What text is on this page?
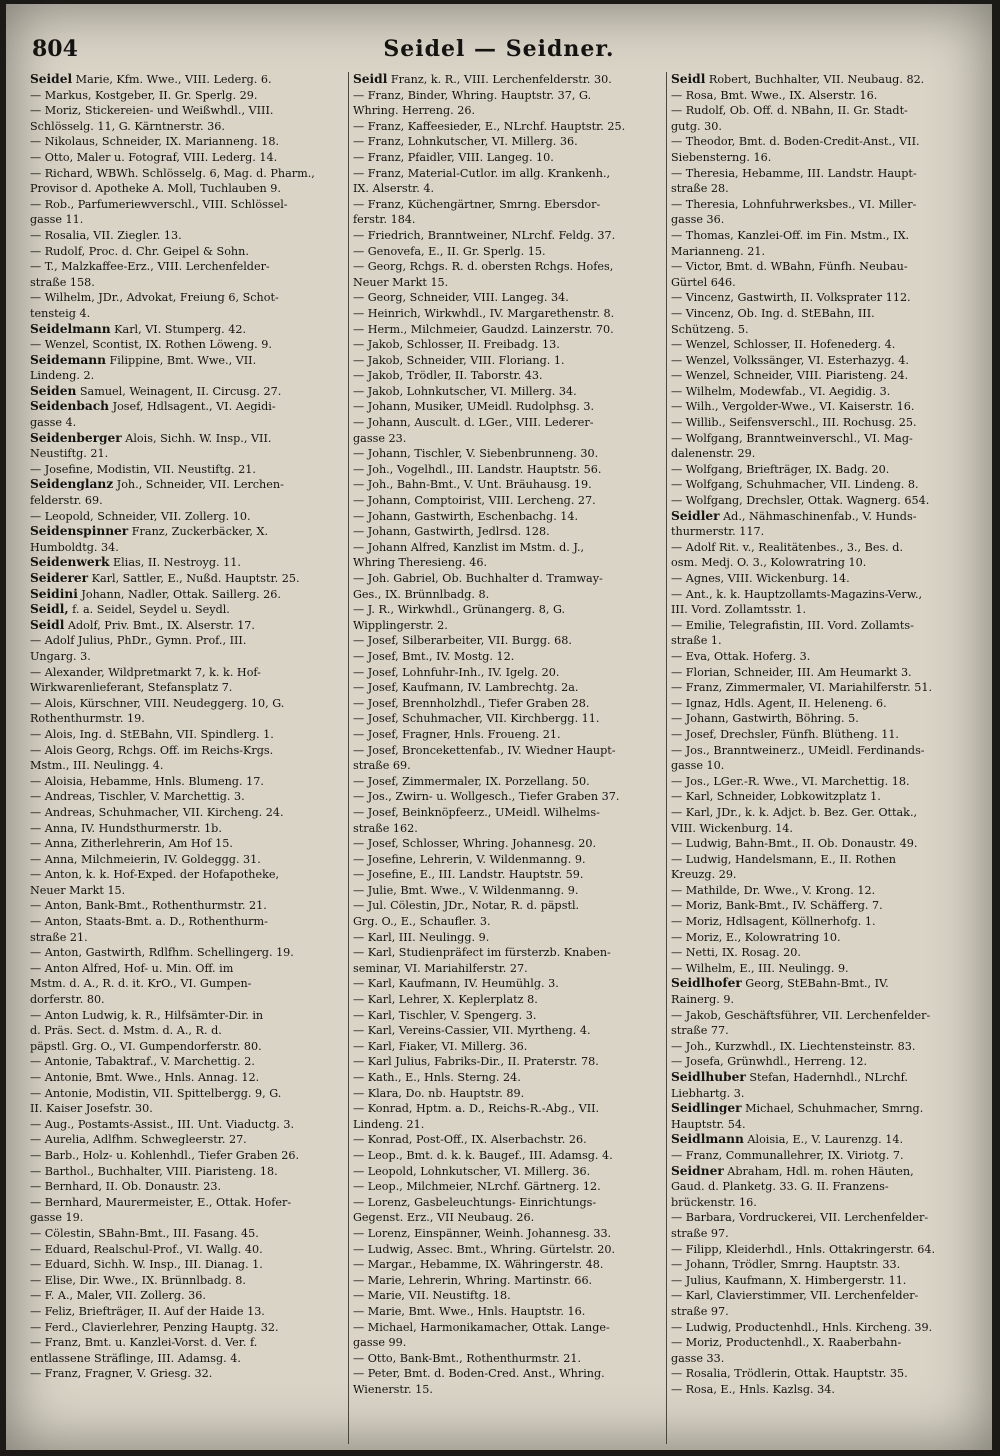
804	Seidel — Seidner.
Seidel Marie, Kfm. Wwe., VIII. Lederg. 6.
— Markus, Kostgeber, II. Gr. Sperlg. 29.
— Moriz, Stickereien- und Weißwhdl., VIII.
Schlösselg. 11, G. Kärntnerstr. 36.
— Nikolaus, Schneider, IX. Marianneng. 18.
— Otto, Maler u. Fotograf, VIII. Lederg. 14.
— Richard, WBWh. Schlösselg. 6, Mag. d. Pharm.,
Provisor d. Apotheke A. Moll, Tuchlauben 9.
— Rob., Parfumeriewverschl., VIII. Schlössel-
gasse 11.
— Rosalia, VII. Ziegler. 13.
— Rudolf, Proc. d. Chr. Geipel & Sohn.
— T., Malzkaffee-Erz., VIII. Lerchenfelder-
straße 158.
— Wilhelm, JDr., Advokat, Freiung 6, Schot-
tensteig 4.
Seidelmann Karl, VI. Stumperg. 42.
— Wenzel, Scontist, IX. Rothen Löweng. 9.
Seidemann Filippine, Bmt. Wwe., VII.
Lindeng. 2.
Seiden Samuel, Weinagent, II. Circusg. 27.
Seidenbach Josef, Hdlsagent., VI. Aegidi-
gasse 4.
Seidenberger Alois, Sichh. W. Insp., VII.
Neustiftg. 21.
— Josefine, Modistin, VII. Neustiftg. 21.
Seidenglanz Joh., Schneider, VII. Lerchen-
felderstr. 69.
— Leopold, Schneider, VII. Zollerg. 10.
Seidenspinner Franz, Zuckerbäcker, X.
Humboldtg. 34.
Seidenwerk Elias, II. Nestroyg. 11.
Seiderer Karl, Sattler, E., Nußd. Hauptstr. 25.
Seidini Johann, Nadler, Ottak. Saillerg. 26.
Seidl, f. a. Seidel, Seydel u. Seydl.
Seidl Adolf, Priv. Bmt., IX. Alserstr. 17.
— Adolf Julius, PhDr., Gymn. Prof., III.
Ungarg. 3.
— Alexander, Wildpretmarkt 7, k. k. Hof-
Wirkwarenlieferant, Stefansplatz 7.
— Alois, Kürschner, VIII. Neudeggerg. 10, G.
Rothenthurmstr. 19.
— Alois, Ing. d. StEBahn, VII. Spindlerg. 1.
— Alois Georg, Rchgs. Off. im Reichs-Krgs.
Mstm., III. Neulingg. 4.
— Aloisia, Hebamme, Hnls. Blumeng. 17.
— Andreas, Tischler, V. Marchettig. 3.
— Andreas, Schuhmacher, VII. Kircheng. 24.
— Anna, IV. Hundsthurmerstr. 1b.
— Anna, Zitherlehrerin, Am Hof 15.
— Anna, Milchmeierin, IV. Goldeggg. 31.
— Anton, k. k. Hof-Exped. der Hofapotheke,
Neuer Markt 15.
— Anton, Bank-Bmt., Rothenthurmstr. 21.
— Anton, Staats-Bmt. a. D., Rothenthurm-
straße 21.
— Anton, Gastwirth, Rdlfhm. Schellingerg. 19.
— Anton Alfred, Hof- u. Min. Off. im
Mstm. d. A., R. d. it. KrO., VI. Gumpen-
dorferstr. 80.
— Anton Ludwig, k. R., Hilfsämter-Dir. in
d. Präs. Sect. d. Mstm. d. A., R. d.
päpstl. Grg. O., VI. Gumpendorferstr. 80.
— Antonie, Tabaktraf., V. Marchettig. 2.
— Antonie, Bmt. Wwe., Hnls. Annag. 12.
— Antonie, Modistin, VII. Spittelbergg. 9, G.
II. Kaiser Josefstr. 30.
— Aug., Postamts-Assist., III. Unt. Viaductg. 3.
— Aurelia, Adlfhm. Schwegleerstr. 27.
— Barb., Holz- u. Kohlenhdl., Tiefer Graben 26.
— Barthol., Buchhalter, VIII. Piaristeng. 18.
— Bernhard, II. Ob. Donaustr. 23.
— Bernhard, Maurermeister, E., Ottak. Hofer-
gasse 19.
— Cölestin, SBahn-Bmt., III. Fasang. 45.
— Eduard, Realschul-Prof., VI. Wallg. 40.
— Eduard, Sichh. W. Insp., III. Dianag. 1.
— Elise, Dir. Wwe., IX. Brünnlbadg. 8.
— F. A., Maler, VII. Zollerg. 36.
— Feliz, Briefträger, II. Auf der Haide 13.
— Ferd., Clavierlehrer, Penzing Hauptg. 32.
— Franz, Bmt. u. Kanzlei-Vorst. d. Ver. f.
entlassene Sträflinge, III. Adamsg. 4.
— Franz, Fragner, V. Griesg. 32.
Seidl Franz, k. R., VIII. Lerchenfelderstr. 30.
— Franz, Binder, Whring. Hauptstr. 37, G.
Whring. Herreng. 26.
— Franz, Kaffeesieder, E., NLrchf. Hauptstr. 25.
— Franz, Lohnkutscher, VI. Millerg. 36.
— Franz, Pfaidler, VIII. Langeg. 10.
— Franz, Material-Cutlor. im allg. Krankenh.,
IX. Alserstr. 4.
— Franz, Küchengärtner, Smrng. Ebersdor-
ferstr. 184.
— Friedrich, Branntweiner, NLrchf. Feldg. 37.
— Genovefa, E., II. Gr. Sperlg. 15.
— Georg, Rchgs. R. d. obersten Rchgs. Hofes,
Neuer Markt 15.
— Georg, Schneider, VIII. Langeg. 34.
— Heinrich, Wirkwhdl., IV. Margarethenstr. 8.
— Herm., Milchmeier, Gaudzd. Lainzerstr. 70.
— Jakob, Schlosser, II. Freibadg. 13.
— Jakob, Schneider, VIII. Floriang. 1.
— Jakob, Trödler, II. Taborstr. 43.
— Jakob, Lohnkutscher, VI. Millerg. 34.
— Johann, Musiker, UMeidl. Rudolphsg. 3.
— Johann, Auscult. d. LGer., VIII. Lederer-
gasse 23.
— Johann, Tischler, V. Siebenbrunneng. 30.
— Joh., Vogelhdl., III. Landstr. Hauptstr. 56.
— Joh., Bahn-Bmt., V. Unt. Bräuhausg. 19.
— Johann, Comptoirist, VIII. Lercheng. 27.
— Johann, Gastwirth, Eschenbachg. 14.
— Johann, Gastwirth, Jedlrsd. 128.
— Johann Alfred, Kanzlist im Mstm. d. J.,
Whring Theresieng. 46.
— Joh. Gabriel, Ob. Buchhalter d. Tramway-
Ges., IX. Brünnlbadg. 8.
— J. R., Wirkwhdl., Grünangerg. 8, G.
Wipplingerstr. 2.
— Josef, Silberarbeiter, VII. Burgg. 68.
— Josef, Bmt., IV. Mostg. 12.
— Josef, Lohnfuhr-Inh., IV. Igelg. 20.
— Josef, Kaufmann, IV. Lambrechtg. 2a.
— Josef, Brennholzhdl., Tiefer Graben 28.
— Josef, Schuhmacher, VII. Kirchbergg. 11.
— Josef, Fragner, Hnls. Froueng. 21.
— Josef, Broncekettenfab., IV. Wiedner Haupt-
straße 69.
— Josef, Zimmermaler, IX. Porzellang. 50.
— Jos., Zwirn- u. Wollgesch., Tiefer Graben 37.
— Josef, Beinknöpfeerz., UMeidl. Wilhelms-
straße 162.
— Josef, Schlosser, Whring. Johannesg. 20.
— Josefine, Lehrerin, V. Wildenmanng. 9.
— Josefine, E., III. Landstr. Hauptstr. 59.
— Julie, Bmt. Wwe., V. Wildenmanng. 9.
— Jul. Cölestin, JDr., Notar, R. d. päpstl.
Grg. O., E., Schaufler. 3.
— Karl, III. Neulingg. 9.
— Karl, Studienpräfect im fürsterzb. Knaben-
seminar, VI. Mariahilferstr. 27.
— Karl, Kaufmann, IV. Heumühlg. 3.
— Karl, Lehrer, X. Keplerplatz 8.
— Karl, Tischler, V. Spengerg. 3.
— Karl, Vereins-Cassier, VII. Myrtheng. 4.
— Karl, Fiaker, VI. Millerg. 36.
— Karl Julius, Fabriks-Dir., II. Praterstr. 78.
— Kath., E., Hnls. Sterng. 24.
— Klara, Do. nb. Hauptstr. 89.
— Konrad, Hptm. a. D., Reichs-R.-Abg., VII.
Lindeng. 21.
— Konrad, Post-Off., IX. Alserbachstr. 26.
— Leop., Bmt. d. k. k. Baugef., III. Adamsg. 4.
— Leopold, Lohnkutscher, VI. Millerg. 36.
— Leop., Milchmeier, NLrchf. Gärtnerg. 12.
— Lorenz, Gasbeleuchtungs- Einrichtungs-
Gegenst. Erz., VII Neubaug. 26.
— Lorenz, Einspänner, Weinh. Johannesg. 33.
— Ludwig, Assec. Bmt., Whring. Gürtelstr. 20.
— Margar., Hebamme, IX. Währingerstr. 48.
— Marie, Lehrerin, Whring. Martinstr. 66.
— Marie, VII. Neustiftg. 18.
— Marie, Bmt. Wwe., Hnls. Hauptstr. 16.
— Michael, Harmonikamacher, Ottak. Lange-
gasse 99.
— Otto, Bank-Bmt., Rothenthurmstr. 21.
— Peter, Bmt. d. Boden-Cred. Anst., Whring.
Wienerstr. 15.
Seidl Robert, Buchhalter, VII. Neubaug. 82.
— Rosa, Bmt. Wwe., IX. Alserstr. 16.
— Rudolf, Ob. Off. d. NBahn, II. Gr. Stadt-
gutg. 30.
— Theodor, Bmt. d. Boden-Credit-Anst., VII.
Siebensterng. 16.
— Theresia, Hebamme, III. Landstr. Haupt-
straße 28.
— Theresia, Lohnfuhrwerksbes., VI. Miller-
gasse 36.
— Thomas, Kanzlei-Off. im Fin. Mstm., IX.
Marianneng. 21.
— Victor, Bmt. d. WBahn, Fünfh. Neubau-
Gürtel 646.
— Vincenz, Gastwirth, II. Volksprater 112.
— Vincenz, Ob. Ing. d. StEBahn, III.
Schützeng. 5.
— Wenzel, Schlosser, II. Hofenederg. 4.
— Wenzel, Volkssänger, VI. Esterhazyg. 4.
— Wenzel, Schneider, VIII. Piaristeng. 24.
— Wilhelm, Modewfab., VI. Aegidig. 3.
— Wilh., Vergolder-Wwe., VI. Kaiserstr. 16.
— Willib., Seifensverschl., III. Rochusg. 25.
— Wolfgang, Branntweinverschl., VI. Mag-
dalenenstr. 29.
— Wolfgang, Briefträger, IX. Badg. 20.
— Wolfgang, Schuhmacher, VII. Lindeng. 8.
— Wolfgang, Drechsler, Ottak. Wagnerg. 654.
Seidler Ad., Nähmaschinenfab., V. Hunds-
thurmerstr. 117.
— Adolf Rit. v., Realitätenbes., 3., Bes. d.
osm. Medj. O. 3., Kolowratring 10.
— Agnes, VIII. Wickenburg. 14.
— Ant., k. k. Hauptzollamts-Magazins-Verw.,
III. Vord. Zollamtsstr. 1.
— Emilie, Telegrafistin, III. Vord. Zollamts-
straße 1.
— Eva, Ottak. Hoferg. 3.
— Florian, Schneider, III. Am Heumarkt 3.
— Franz, Zimmermaler, VI. Mariahilferstr. 51.
— Ignaz, Hdls. Agent, II. Heleneng. 6.
— Johann, Gastwirth, Böhring. 5.
— Josef, Drechsler, Fünfh. Blütheng. 11.
— Jos., Branntweinerz., UMeidl. Ferdinands-
gasse 10.
— Jos., LGer.-R. Wwe., VI. Marchettig. 18.
— Karl, Schneider, Lobkowitzplatz 1.
— Karl, JDr., k. k. Adjct. b. Bez. Ger. Ottak.,
VIII. Wickenburg. 14.
— Ludwig, Bahn-Bmt., II. Ob. Donaustr. 49.
— Ludwig, Handelsmann, E., II. Rothen
Kreuzg. 29.
— Mathilde, Dr. Wwe., V. Krong. 12.
— Moriz, Bank-Bmt., IV. Schäfferg. 7.
— Moriz, Hdlsagent, Köllnerhofg. 1.
— Moriz, E., Kolowratring 10.
— Netti, IX. Rosag. 20.
— Wilhelm, E., III. Neulingg. 9.
Seidlhofer Georg, StEBahn-Bmt., IV.
Rainerg. 9.
— Jakob, Geschäftsführer, VII. Lerchenfelder-
straße 77.
— Joh., Kurzwhdl., IX. Liechtensteinstr. 83.
— Josefa, Grünwhdl., Herreng. 12.
Seidlhuber Stefan, Hadernhdl., NLrchf.
Liebhartg. 3.
Seidlinger Michael, Schuhmacher, Smrng.
Hauptstr. 54.
Seidlmann Aloisia, E., V. Laurenzg. 14.
— Franz, Communallehrer, IX. Viriotg. 7.
Seidner Abraham, Hdl. m. rohen Häuten,
Gaud. d. Planketg. 33. G. II. Franzens-
brückenstr. 16.
— Barbara, Vordruckerei, VII. Lerchenfelder-
straße 97.
— Filipp, Kleiderhdl., Hnls. Ottakringerstr. 64.
— Johann, Trödler, Smrng. Hauptstr. 33.
— Julius, Kaufmann, X. Himbergerstr. 11.
— Karl, Clavierstimmer, VII. Lerchenfelder-
straße 97.
— Ludwig, Productenhdl., Hnls. Kircheng. 39.
— Moriz, Productenhdl., X. Raaberbahn-
gasse 33.
— Rosalia, Trödlerin, Ottak. Hauptstr. 35.
— Rosa, E., Hnls. Kazlsg. 34.
